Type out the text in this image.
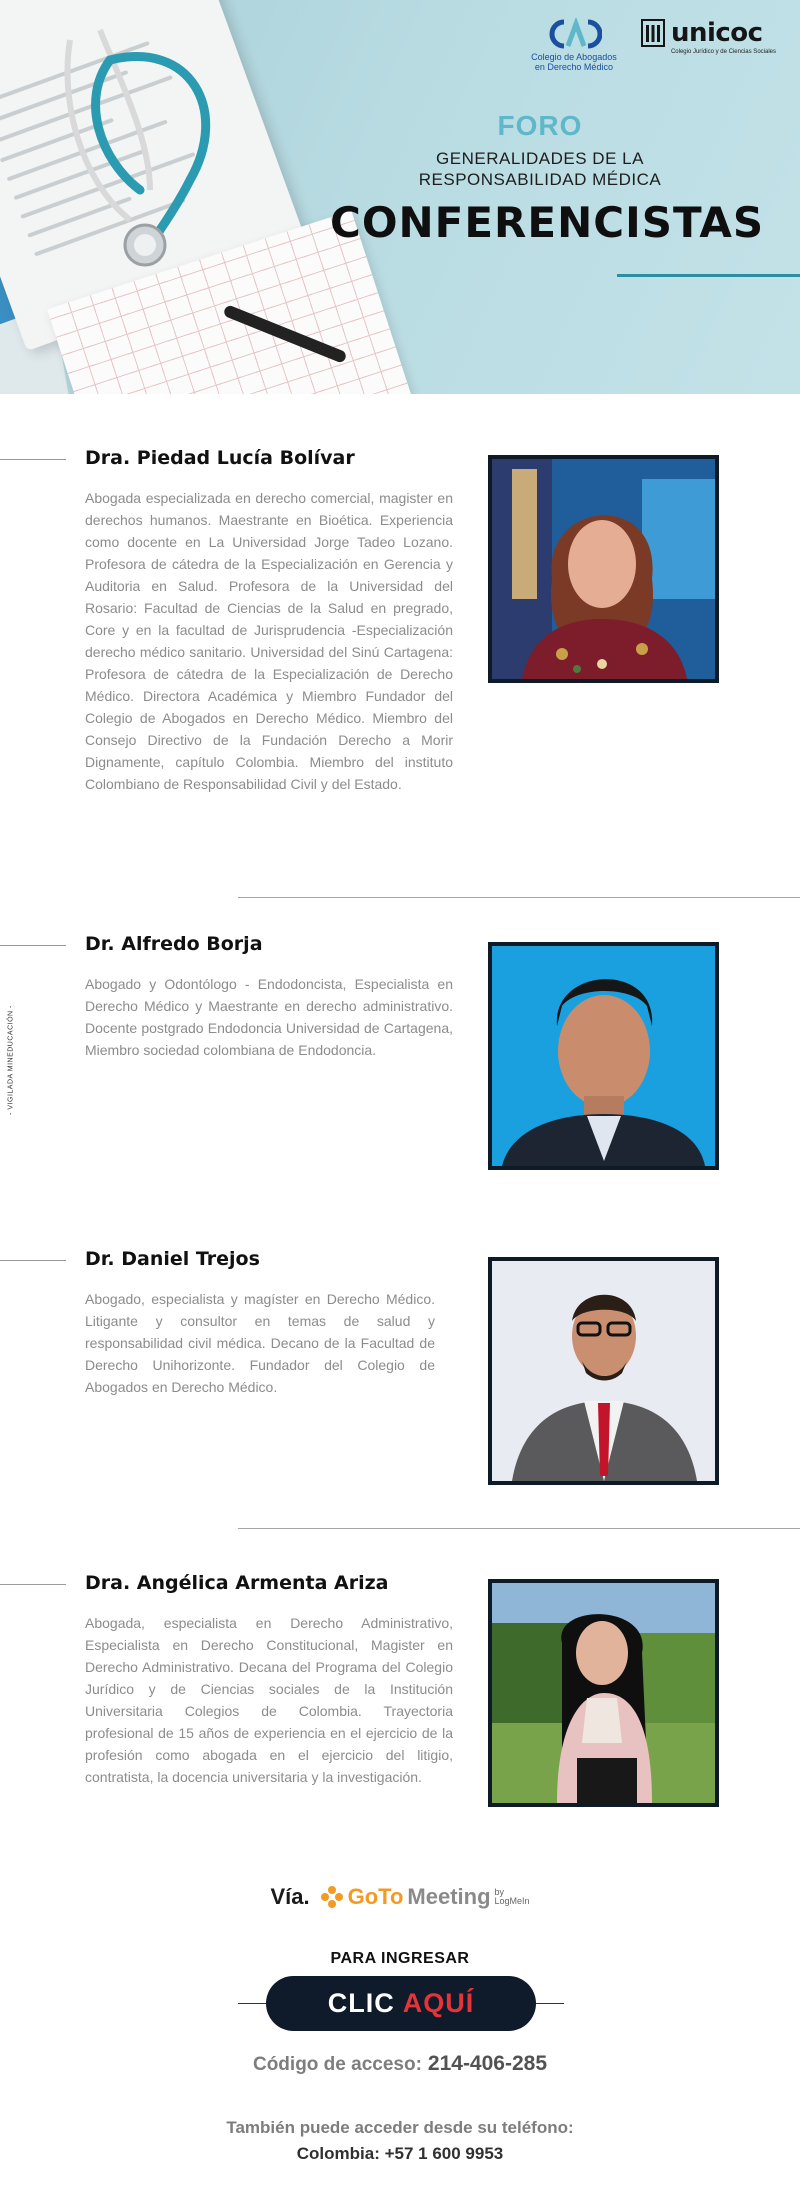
Colegio de Abogados en Derecho Médico
unicoc
Colegio Jurídico y de Ciencias Sociales
FORO
GENERALIDADES DE LA
RESPONSABILIDAD MÉDICA
CONFERENCISTAS
- VIGILADA MINEDUCACIÓN -
Dra. Piedad Lucía Bolívar
Abogada especializada en derecho comercial, magister en derechos humanos. Maestrante en Bioética. Experiencia como docente en La Universidad Jorge Tadeo Lozano. Profesora de cátedra de la Especialización en Gerencia y Auditoria en Salud. Profesora de la Universidad del Rosario: Facultad de Ciencias de la Salud en pregrado, Core y en la facultad de Jurisprudencia -Especialización derecho médico sanitario. Universidad del Sinú Cartagena: Profesora de cátedra de la Especialización de Derecho Médico. Directora Académica y Miembro Fundador del Colegio de Abogados en Derecho Médico. Miembro del Consejo Directivo de la Fundación Derecho a Morir Dignamente, capítulo Colombia. Miembro del instituto Colombiano de Responsabilidad Civil y del Estado.
Dr. Alfredo Borja
Abogado y Odontólogo - Endodoncista, Especialista en Derecho Médico y Maestrante en derecho administrativo. Docente postgrado Endodoncia Universidad de Cartagena, Miembro sociedad colombiana de Endodoncia.
Dr. Daniel Trejos
Abogado, especialista y magíster en Derecho Médico. Litigante y consultor en temas de salud y responsabilidad civil médica. Decano de la Facultad de Derecho Unihorizonte. Fundador del Colegio de Abogados en Derecho Médico.
Dra. Angélica Armenta Ariza
Abogada, especialista en Derecho Administrativo, Especialista en Derecho Constitucional, Magister en Derecho Administrativo. Decana del Programa del Colegio Jurídico y de Ciencias sociales de la Institución Universitaria Colegios de Colombia. Trayectoria profesional de 15 años de experiencia en el ejercicio de la profesión como abogada en el ejercicio del litigio, contratista, la docencia universitaria y la investigación.
Vía. GoTo Meeting by
LogMeIn
PARA INGRESAR
CLIC AQUÍ
Código de acceso: 214-406-285
También puede acceder desde su teléfono:
Colombia: +57 1 600 9953
